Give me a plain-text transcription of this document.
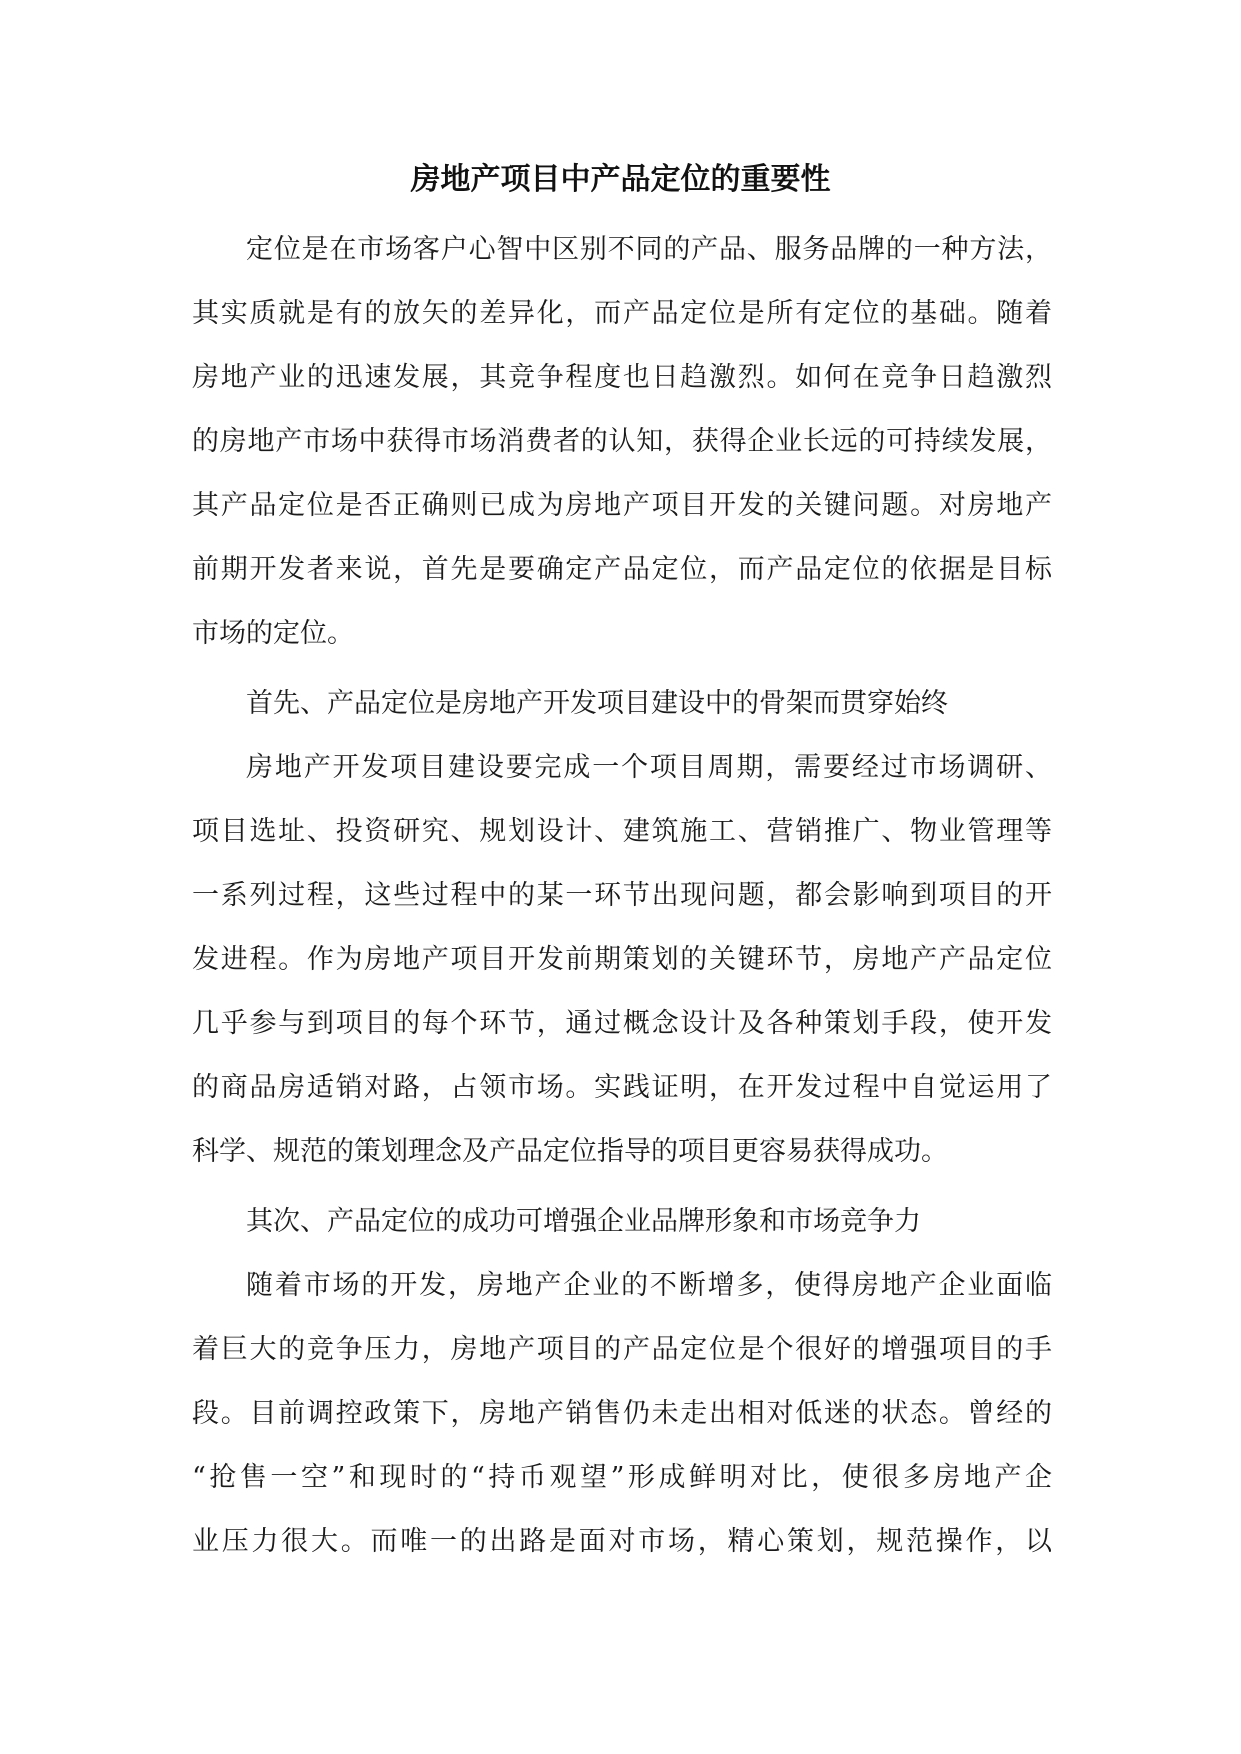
房地产项目中产品定位的重要性
定位是在市场客户心智中区别不同的产品、服务品牌的一种方法，
其实质就是有的放矢的差异化，而产品定位是所有定位的基础。随着
房地产业的迅速发展，其竞争程度也日趋激烈。如何在竞争日趋激烈
的房地产市场中获得市场消费者的认知，获得企业长远的可持续发展，
其产品定位是否正确则已成为房地产项目开发的关键问题。对房地产
前期开发者来说，首先是要确定产品定位，而产品定位的依据是目标
市场的定位。
首先、产品定位是房地产开发项目建设中的骨架而贯穿始终
房地产开发项目建设要完成一个项目周期，需要经过市场调研、
项目选址、投资研究、规划设计、建筑施工、营销推广、物业管理等
一系列过程，这些过程中的某一环节出现问题，都会影响到项目的开
发进程。作为房地产项目开发前期策划的关键环节，房地产产品定位
几乎参与到项目的每个环节，通过概念设计及各种策划手段，使开发
的商品房适销对路，占领市场。实践证明，在开发过程中自觉运用了
科学、规范的策划理念及产品定位指导的项目更容易获得成功。
其次、产品定位的成功可增强企业品牌形象和市场竞争力
随着市场的开发，房地产企业的不断增多，使得房地产企业面临
着巨大的竞争压力，房地产项目的产品定位是个很好的增强项目的手
段。目前调控政策下，房地产销售仍未走出相对低迷的状态。曾经的
“抢售一空”和现时的“持币观望”形成鲜明对比，使很多房地产企
业压力很大。而唯一的出路是面对市场，精心策划，规范操作，以
